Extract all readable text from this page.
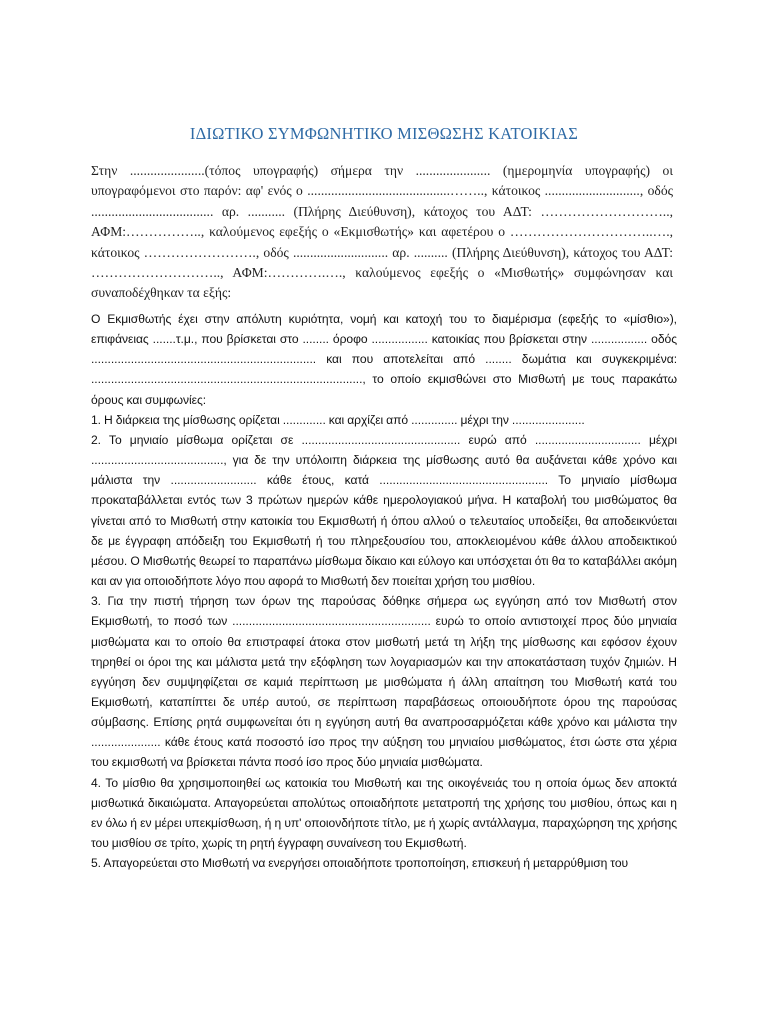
ΙΔΙΩΤΙΚΟ ΣΥΜΦΩΝΗΤΙΚΟ ΜΙΣΘΩΣΗΣ ΚΑΤΟΙΚΙΑΣ

Στην ......................(τόπος υπογραφής) σήμερα την ...................... (ημερομηνία υπογραφής) οι υπογραφόμενοι στο παρόν: αφ' ενός ο ..........................................…….., κάτοικος ............................, οδός .................................... αρ. ........... (Πλήρης Διεύθυνση), κάτοχος του ΑΔΤ: ……………………….., ΑΦΜ:…………….., καλούμενος εφεξής ο «Εκμισθωτής» και αφετέρου ο …………………………..…., κάτοικος ……………………., οδός ............................ αρ. .......... (Πλήρης Διεύθυνση), κάτοχος του ΑΔΤ: ……………………….., ΑΦΜ:………….…., καλούμενος εφεξής ο «Μισθωτής» συμφώνησαν και συναποδέχθηκαν τα εξής:

Ο Εκμισθωτής έχει στην απόλυτη κυριότητα, νομή και κατοχή του το διαμέρισμα (εφεξής το «μίσθιο»), επιφάνειας .......τ.μ., που βρίσκεται στο ........ όροφο ................. κατοικίας που βρίσκεται στην ................. οδός .................................................................... και που αποτελείται από ........ δωμάτια και συγκεκριμένα: .................................................................................., το οποίο εκμισθώνει στο Μισθωτή με τους παρακάτω όρους και συμφωνίες:

1. Η διάρκεια της μίσθωσης ορίζεται ............. και αρχίζει από .............. μέχρι την ......................

2. Το μηνιαίο μίσθωμα ορίζεται σε ................................................ ευρώ από ................................ μέχρι ........................................, για δε την υπόλοιπη διάρκεια της μίσθωσης αυτό θα αυξάνεται κάθε χρόνο και μάλιστα την .......................... κάθε έτους, κατά ................................................... Το μηνιαίο μίσθωμα προκαταβάλλεται εντός των 3 πρώτων ημερών κάθε ημερολογιακού μήνα. Η καταβολή του μισθώματος θα γίνεται από το Μισθωτή στην κατοικία του Εκμισθωτή ή όπου αλλού ο τελευταίος υποδείξει, θα αποδεικνύεται δε με έγγραφη απόδειξη του Εκμισθωτή ή του πληρεξουσίου του, αποκλειομένου κάθε άλλου αποδεικτικού μέσου. Ο Μισθωτής θεωρεί το παραπάνω μίσθωμα δίκαιο και εύλογο και υπόσχεται ότι θα το καταβάλλει ακόμη και αν για οποιοδήποτε λόγο που αφορά το Μισθωτή δεν ποιείται χρήση του μισθίου.

3. Για την πιστή τήρηση των όρων της παρούσας δόθηκε σήμερα ως εγγύηση από τον Μισθωτή στον Εκμισθωτή, το ποσό των ............................................................ ευρώ το οποίο αντιστοιχεί προς δύο μηνιαία μισθώματα και το οποίο θα επιστραφεί άτοκα στον μισθωτή μετά τη λήξη της μίσθωσης και εφόσον έχουν τηρηθεί οι όροι της και μάλιστα μετά την εξόφληση των λογαριασμών και την αποκατάσταση τυχόν ζημιών. Η εγγύηση δεν συμψηφίζεται σε καμιά περίπτωση με μισθώματα ή άλλη απαίτηση του Μισθωτή κατά του Εκμισθωτή, καταπίπτει δε υπέρ αυτού, σε περίπτωση παραβάσεως οποιουδήποτε όρου της παρούσας σύμβασης. Επίσης ρητά συμφωνείται ότι η εγγύηση αυτή θα αναπροσαρμόζεται κάθε χρόνο και μάλιστα την ..................... κάθε έτους κατά ποσοστό ίσο προς την αύξηση του μηνιαίου μισθώματος, έτσι ώστε στα χέρια του εκμισθωτή να βρίσκεται πάντα ποσό ίσο προς δύο μηνιαία μισθώματα.

4. Το μίσθιο θα χρησιμοποιηθεί ως κατοικία του Μισθωτή και της οικογένειάς του η οποία όμως δεν αποκτά μισθωτικά δικαιώματα. Απαγορεύεται απολύτως οποιαδήποτε μετατροπή της χρήσης του μισθίου, όπως και η εν όλω ή εν μέρει υπεκμίσθωση, ή η υπ' οποιονδήποτε τίτλο, με ή χωρίς αντάλλαγμα, παραχώρηση της χρήσης του μισθίου σε τρίτο, χωρίς τη ρητή έγγραφη συναίνεση του Εκμισθωτή.

5. Απαγορεύεται στο Μισθωτή να ενεργήσει οποιαδήποτε τροποποίηση, επισκευή ή μεταρρύθμιση του
